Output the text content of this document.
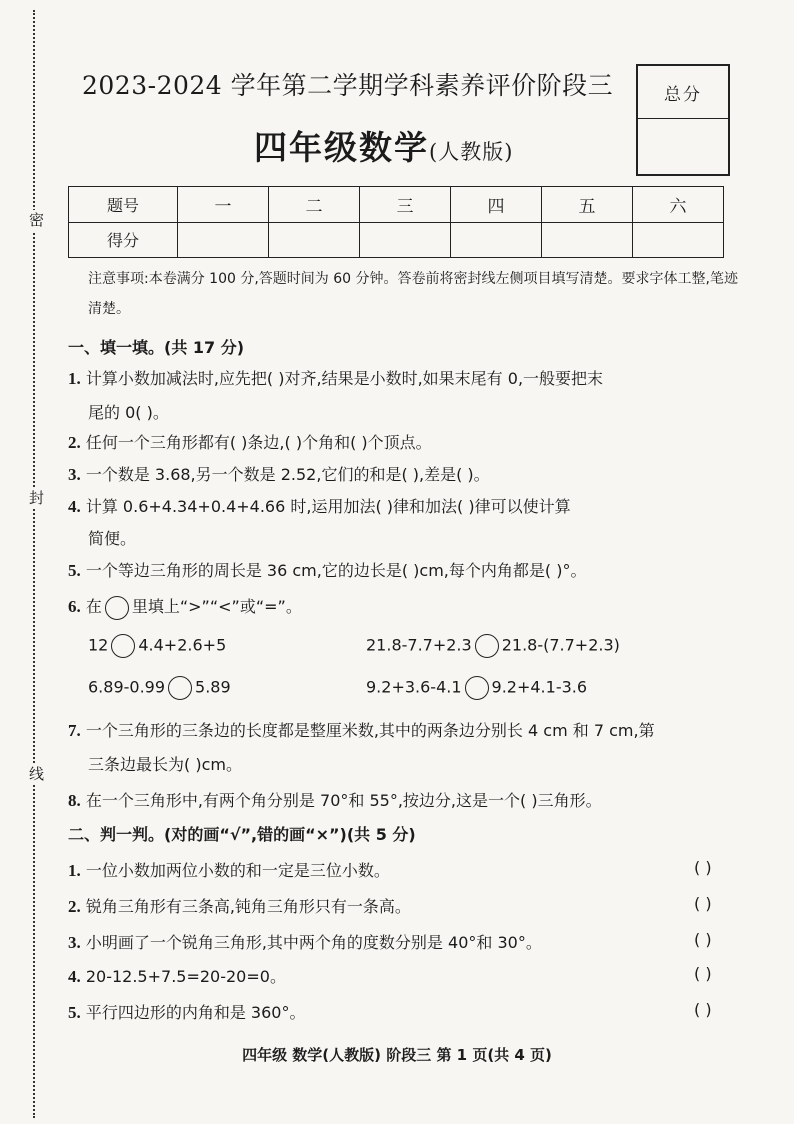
密
封
线
2023-2024 学年第二学期学科素养评价阶段三
四年级数学(人教版)
总分
题号	一	二	三	四	五	六
得分						
注意事项:本卷满分 100 分,答题时间为 60 分钟。答卷前将密封线左侧项目填写清楚。要求字体工整,笔迹清楚。
一、填一填。(共 17 分)
1. 计算小数加减法时,应先把( )对齐,结果是小数时,如果末尾有 0,一般要把末
尾的 0( )。
2. 任何一个三角形都有( )条边,( )个角和( )个顶点。
3. 一个数是 3.68,另一个数是 2.52,它们的和是( ),差是( )。
4. 计算 0.6+4.34+0.4+4.66 时,运用加法( )律和加法( )律可以使计算
简便。
5. 一个等边三角形的周长是 36 cm,它的边长是( )cm,每个内角都是( )°。
6. 在 里填上“>”“<”或“=”。
12 4.4+2.6+5	21.8-7.7+2.3 21.8-(7.7+2.3)
6.89-0.99 5.89	9.2+3.6-4.1 9.2+4.1-3.6
7. 一个三角形的三条边的长度都是整厘米数,其中的两条边分别长 4 cm 和 7 cm,第
三条边最长为( )cm。
8. 在一个三角形中,有两个角分别是 70°和 55°,按边分,这是一个( )三角形。
二、判一判。(对的画“√”,错的画“×”)(共 5 分)
1. 一位小数加两位小数的和一定是三位小数。	( )
2. 锐角三角形有三条高,钝角三角形只有一条高。	( )
3. 小明画了一个锐角三角形,其中两个角的度数分别是 40°和 30°。	( )
4. 20-12.5+7.5=20-20=0。	( )
5. 平行四边形的内角和是 360°。	( )
四年级 数学(人教版) 阶段三 第 1 页(共 4 页)
